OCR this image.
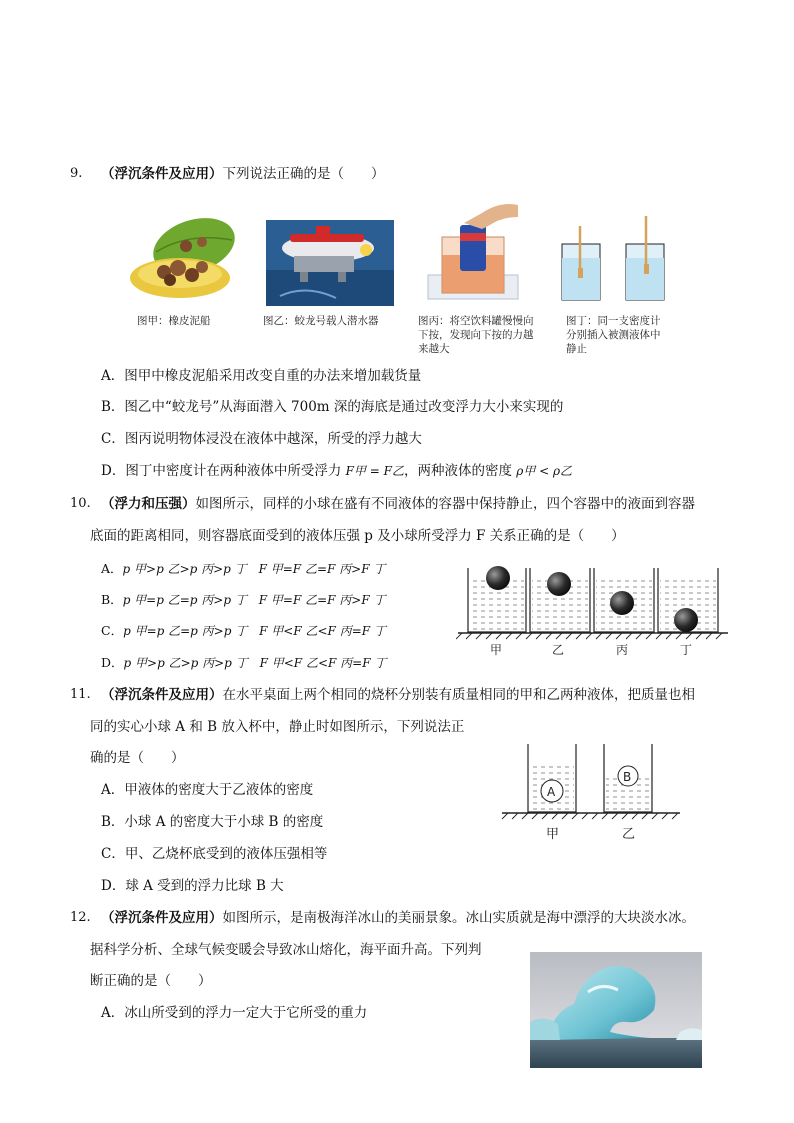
9. （浮沉条件及应用）下列说法正确的是（　　）
图甲：橡皮泥船	图乙：蛟龙号载人潜水器	图丙：将空饮料罐慢慢向
下按，发现向下按的力越
来越大
图丁：同一支密度计
分别插入被测液体中
静止
A．图甲中橡皮泥船采用改变自重的办法来增加载货量
B．图乙中“蛟龙号”从海面潜入 700m 深的海底是通过改变浮力大小来实现的
C．图丙说明物体浸没在液体中越深，所受的浮力越大
D．图丁中密度计在两种液体中所受浮力 F甲 = F乙，两种液体的密度 ρ甲 < ρ乙
10. （浮力和压强）如图所示，同样的小球在盛有不同液体的容器中保持静止，四个容器中的液面到容器
底面的距离相同，则容器底面受到的液体压强 p 及小球所受浮力 F 关系正确的是（　　）
A．p 甲>p 乙>p 丙>p 丁 F 甲=F 乙=F 丙>F 丁
B．p 甲=p 乙=p 丙>p 丁 F 甲=F 乙=F 丙>F 丁
C．p 甲=p 乙=p 丙>p 丁 F 甲<F 乙<F 丙=F 丁
D．p 甲>p 乙>p 丙>p 丁 F 甲<F 乙<F 丙=F 丁
甲	乙	丙	丁
11. （浮沉条件及应用）在水平桌面上两个相同的烧杯分别装有质量相同的甲和乙两种液体，把质量也相
同的实心小球 A 和 B 放入杯中，静止时如图所示，下列说法正
确的是（　　）
A．甲液体的密度大于乙液体的密度
B．小球 A 的密度大于小球 B 的密度
C．甲、乙烧杯底受到的液体压强相等
D．球 A 受到的浮力比球 B 大
A
B
甲	乙
12. （浮沉条件及应用）如图所示，是南极海洋冰山的美丽景象。冰山实质就是海中漂浮的大块淡水冰。
据科学分析、全球气候变暖会导致冰山熔化，海平面升高。下列判
断正确的是（　　）
A．冰山所受到的浮力一定大于它所受的重力
